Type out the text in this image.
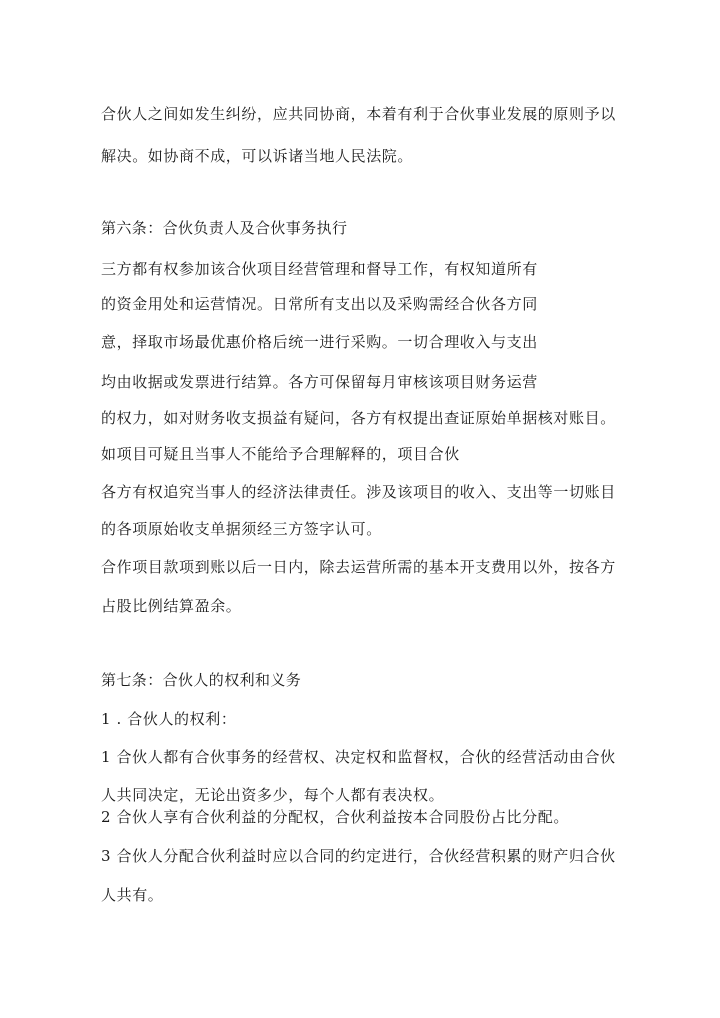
合伙人之间如发生纠纷，应共同协商，本着有利于合伙事业发展的原则予以
解决。如协商不成，可以诉诸当地人民法院。
第六条：合伙负责人及合伙事务执行
三方都有权参加该合伙项目经营管理和督导工作，有权知道所有
的资金用处和运营情况。日常所有支出以及采购需经合伙各方同
意，择取市场最优惠价格后统一进行采购。一切合理收入与支出
均由收据或发票进行结算。各方可保留每月审核该项目财务运营
的权力，如对财务收支损益有疑问，各方有权提出查证原始单据核对账目。
如项目可疑且当事人不能给予合理解释的，项目合伙
各方有权追究当事人的经济法律责任。涉及该项目的收入、支出等一切账目
的各项原始收支单据须经三方签字认可。
合作项目款项到账以后一日内，除去运营所需的基本开支费用以外，按各方
占股比例结算盈余。
第七条：合伙人的权利和义务
1 . 合伙人的权利：
1 合伙人都有合伙事务的经营权、决定权和监督权，合伙的经营活动由合伙
人共同决定，无论出资多少，每个人都有表决权。
2 合伙人享有合伙利益的分配权，合伙利益按本合同股份占比分配。
3 合伙人分配合伙利益时应以合同的约定进行，合伙经营积累的财产归合伙
人共有。
